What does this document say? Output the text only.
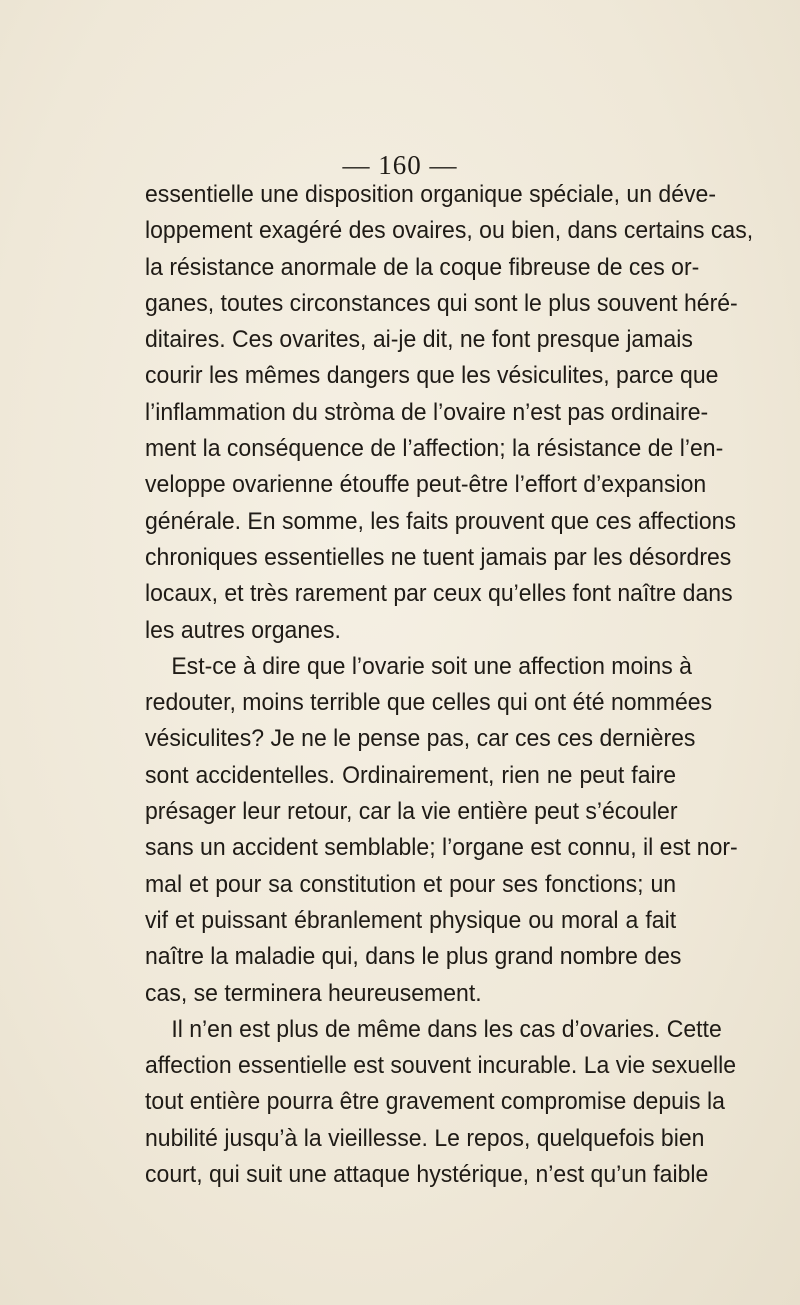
— 160 —
essentielle une disposition organique spéciale, un déve-
loppement exagéré des ovaires, ou bien, dans certains cas,
la résistance anormale de la coque fibreuse de ces or-
ganes, toutes circonstances qui sont le plus souvent héré-
ditaires. Ces ovarites, ai-je dit, ne font presque jamais
courir les mêmes dangers que les vésiculites, parce que
l’inflammation du stròma de l’ovaire n’est pas ordinaire-
ment la conséquence de l’affection; la résistance de l’en-
veloppe ovarienne étouffe peut-être l’effort d’expansion
générale. En somme, les faits prouvent que ces affections
chroniques essentielles ne tuent jamais par les désordres
locaux, et très rarement par ceux qu’elles font naître dans
les autres organes.
Est-ce à dire que l’ovarie soit une affection moins à
redouter, moins terrible que celles qui ont été nommées
vésiculites? Je ne le pense pas, car ces ces dernières
sont accidentelles. Ordinairement, rien ne peut faire
présager leur retour, car la vie entière peut s’écouler
sans un accident semblable; l’organe est connu, il est nor-
mal et pour sa constitution et pour ses fonctions; un
vif et puissant ébranlement physique ou moral a fait
naître la maladie qui, dans le plus grand nombre des
cas, se terminera heureusement.
Il n’en est plus de même dans les cas d’ovaries. Cette
affection essentielle est souvent incurable. La vie sexuelle
tout entière pourra être gravement compromise depuis la
nubilité jusqu’à la vieillesse. Le repos, quelquefois bien
court, qui suit une attaque hystérique, n’est qu’un faible
